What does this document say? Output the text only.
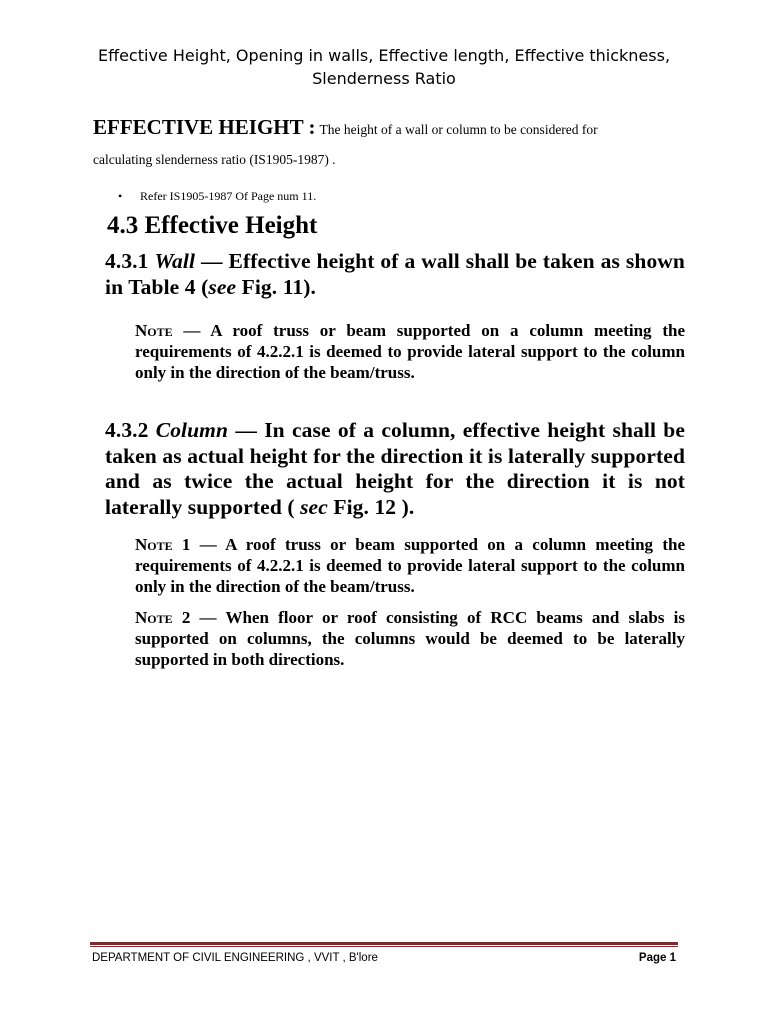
Effective Height, Opening in walls, Effective length, Effective thickness, Slenderness Ratio
EFFECTIVE HEIGHT : The height of a wall or column to be considered for
calculating slenderness ratio (IS1905-1987) .
•	Refer IS1905-1987 Of Page num 11.
4.3 Effective Height

4.3.1 Wall — Effective height of a wall shall be taken as shown in Table 4 (see Fig. 11).

Note — A roof truss or beam supported on a column meeting the requirements of 4.2.2.1 is deemed to provide lateral support to the column only in the direction of the beam/truss.

4.3.2 Column — In case of a column, effective height shall be taken as actual height for the direction it is laterally supported and as twice the actual height for the direction it is not laterally supported ( sec Fig. 12 ).

Note 1 — A roof truss or beam supported on a column meeting the requirements of 4.2.2.1 is deemed to provide lateral support to the column only in the direction of the beam/truss.

Note 2 — When floor or roof consisting of RCC beams and slabs is supported on columns, the columns would be deemed to be laterally supported in both directions.

DEPARTMENT OF CIVIL ENGINEERING , VVIT , B'lore	Page 1
